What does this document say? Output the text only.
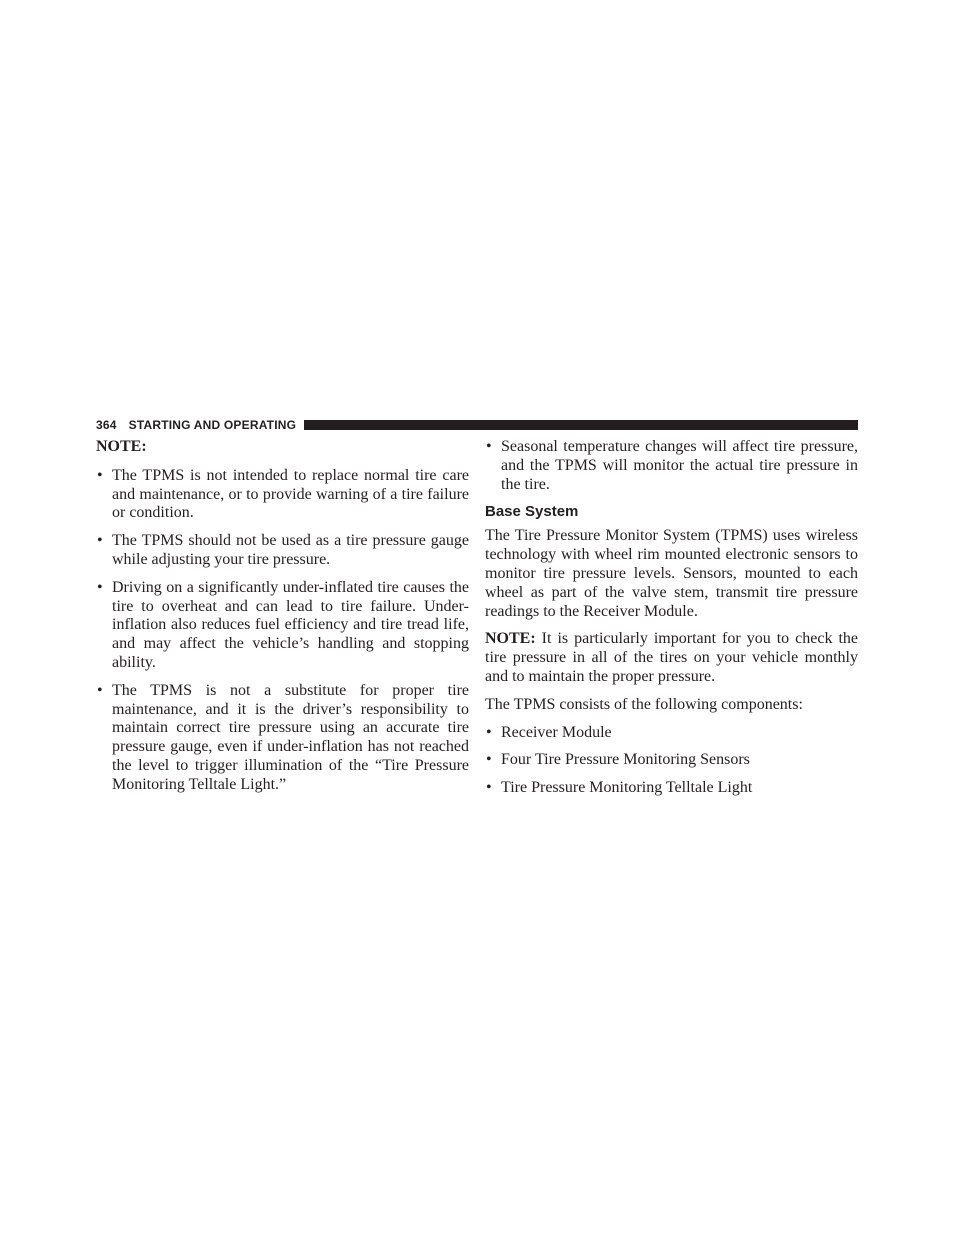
364 STARTING AND OPERATING
NOTE:
• The TPMS is not intended to replace normal tire care and maintenance, or to provide warning of a tire failure or condition.
• The TPMS should not be used as a tire pressure gauge while adjusting your tire pressure.
• Driving on a significantly under-inflated tire causes the tire to overheat and can lead to tire failure. Under-inflation also reduces fuel efficiency and tire tread life, and may affect the vehicle’s handling and stopping ability.
• The TPMS is not a substitute for proper tire maintenance, and it is the driver’s responsibility to maintain correct tire pressure using an accurate tire pressure gauge, even if under-inflation has not reached the level to trigger illumination of the “Tire Pressure Monitoring Telltale Light.”
• Seasonal temperature changes will affect tire pressure, and the TPMS will monitor the actual tire pressure in the tire.
Base System

The Tire Pressure Monitor System (TPMS) uses wireless technology with wheel rim mounted electronic sensors to monitor tire pressure levels. Sensors, mounted to each wheel as part of the valve stem, transmit tire pressure readings to the Receiver Module.

NOTE: It is particularly important for you to check the tire pressure in all of the tires on your vehicle monthly and to maintain the proper pressure.

The TPMS consists of the following components:

• Receiver Module
• Four Tire Pressure Monitoring Sensors
• Tire Pressure Monitoring Telltale Light
